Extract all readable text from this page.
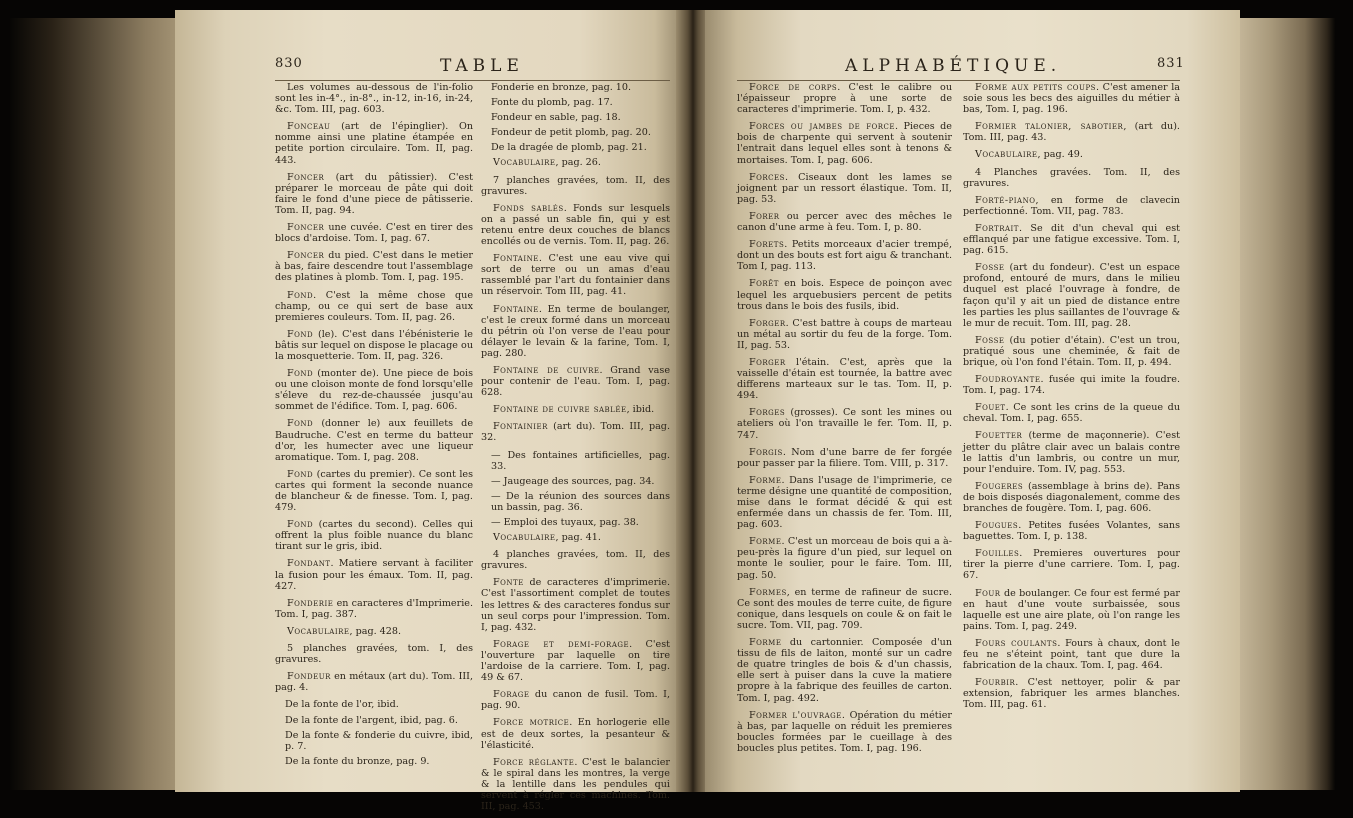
830	TABLE

Les volumes au-dessous de l'in-folio sont les in-4°., in-8°., in-12, in-16, in-24, &c. Tom. III, pag. 603.

Fonceau (art de l'épinglier). On nomme ainsi une platine étampée en petite portion circulaire. Tom. II, pag. 443.

Foncer (art du pâtissier). C'est préparer le morceau de pâte qui doit faire le fond d'une piece de pâtisserie. Tom. II, pag. 94.

Foncer une cuvée. C'est en tirer des blocs d'ardoise. Tom. I, pag. 67.

Foncer du pied. C'est dans le metier à bas, faire descendre tout l'assemblage des platines à plomb. Tom. I, pag. 195.

Fond. C'est la même chose que champ, ou ce qui sert de base aux premieres couleurs. Tom. II, pag. 26.

Fond (le). C'est dans l'ébénisterie le bâtis sur lequel on dispose le placage ou la mosquetterie. Tom. II, pag. 326.

Fond (monter de). Une piece de bois ou une cloison monte de fond lorsqu'elle s'éleve du rez-de-chaussée jusqu'au sommet de l'édifice. Tom. I, pag. 606.

Fond (donner le) aux feuillets de Baudruche. C'est en terme du batteur d'or, les humecter avec une liqueur aromatique. Tom. I, pag. 208.

Fond (cartes du premier). Ce sont les cartes qui forment la seconde nuance de blancheur & de finesse. Tom. I, pag. 479.

Fond (cartes du second). Celles qui offrent la plus foible nuance du blanc tirant sur le gris, ibid.

Fondant. Matiere servant à faciliter la fusion pour les émaux. Tom. II, pag. 427.

Fonderie en caracteres d'Imprimerie. Tom. I, pag. 387.

Vocabulaire, pag. 428.

5 planches gravées, tom. I, des gravures.

Fondeur en métaux (art du). Tom. III, pag. 4.

De la fonte de l'or, ibid.

De la fonte de l'argent, ibid, pag. 6.

De la fonte & fonderie du cuivre, ibid, p. 7.

De la fonte du bronze, pag. 9.

Fonderie en bronze, pag. 10.

Fonte du plomb, pag. 17.

Fondeur en sable, pag. 18.

Fondeur de petit plomb, pag. 20.

De la dragée de plomb, pag. 21.

Vocabulaire, pag. 26.

7 planches gravées, tom. II, des gravures.

Fonds sablés. Fonds sur lesquels on a passé un sable fin, qui y est retenu entre deux couches de blancs encollés ou de vernis. Tom. II, pag. 26.

Fontaine. C'est une eau vive qui sort de terre ou un amas d'eau rassemblé par l'art du fontainier dans un réservoir. Tom III, pag. 41.

Fontaine. En terme de boulanger, c'est le creux formé dans un morceau du pétrin où l'on verse de l'eau pour délayer le levain & la farine, Tom. I, pag. 280.

Fontaine de cuivre. Grand vase pour contenir de l'eau. Tom. I, pag. 628.

Fontaine de cuivre sablée, ibid.

Fontainier (art du). Tom. III, pag. 32.

— Des fontaines artificielles, pag. 33.

— Jaugeage des sources, pag. 34.

— De la réunion des sources dans un bassin, pag. 36.

— Emploi des tuyaux, pag. 38.

Vocabulaire, pag. 41.

4 planches gravées, tom. II, des gravures.

Fonte de caracteres d'imprimerie. C'est l'assortiment complet de toutes les lettres & des caracteres fondus sur un seul corps pour l'impression. Tom. I, pag. 432.

Forage et demi-forage. C'est l'ouverture par laquelle on tire l'ardoise de la carriere. Tom. I, pag. 49 & 67.

Forage du canon de fusil. Tom. I, pag. 90.

Force motrice. En horlogerie elle est de deux sortes, la pesanteur & l'élasticité.

Force réglante. C'est le balancier & le spiral dans les montres, la verge & la lentille dans les pendules qui servent à régler ces machines. Tom. III, pag. 453.

ALPHABÉTIQUE.	831

Force de corps. C'est le calibre ou l'épaisseur propre à une sorte de caracteres d'imprimerie. Tom. I, p. 432.

Forces ou jambes de force. Pieces de bois de charpente qui servent à soutenir l'entrait dans lequel elles sont à tenons & mortaises. Tom. I, pag. 606.

Forces. Ciseaux dont les lames se joignent par un ressort élastique. Tom. II, pag. 53.

Forer ou percer avec des mêches le canon d'une arme à feu. Tom. I, p. 80.

Forets. Petits morceaux d'acier trempé, dont un des bouts est fort aigu & tranchant. Tom I, pag. 113.

Forêt en bois. Espece de poinçon avec lequel les arquebusiers percent de petits trous dans le bois des fusils, ibid.

Forger. C'est battre à coups de marteau un métal au sortir du feu de la forge. Tom. II, pag. 53.

Forger l'étain. C'est, après que la vaisselle d'étain est tournée, la battre avec differens marteaux sur le tas. Tom. II, p. 494.

Forges (grosses). Ce sont les mines ou ateliers où l'on travaille le fer. Tom. II, p. 747.

Forgis. Nom d'une barre de fer forgée pour passer par la filiere. Tom. VIII, p. 317.

Forme. Dans l'usage de l'imprimerie, ce terme désigne une quantité de composition, mise dans le format décidé & qui est enfermée dans un chassis de fer. Tom. III, pag. 603.

Forme. C'est un morceau de bois qui a à-peu-près la figure d'un pied, sur lequel on monte le soulier, pour le faire. Tom. III, pag. 50.

Formes, en terme de rafineur de sucre. Ce sont des moules de terre cuite, de figure conique, dans lesquels on coule & on fait le sucre. Tom. VII, pag. 709.

Forme du cartonnier. Composée d'un tissu de fils de laiton, monté sur un cadre de quatre tringles de bois & d'un chassis, elle sert à puiser dans la cuve la matiere propre à la fabrique des feuilles de carton. Tom. I, pag. 492.

Former l'ouvrage. Opération du métier à bas, par laquelle on réduit les premieres boucles formées par le cueillage à des boucles plus petites. Tom. I, pag. 196.

Forme aux petits coups. C'est amener la soie sous les becs des aiguilles du métier à bas, Tom. I, pag. 196.

Formier talonier, sabotier, (art du). Tom. III, pag. 43.

Vocabulaire, pag. 49.

4 Planches gravées. Tom. II, des gravures.

Forté-piano, en forme de clavecin perfectionné. Tom. VII, pag. 783.

Fortrait. Se dit d'un cheval qui est efflanqué par une fatigue excessive. Tom. I, pag. 615.

Fosse (art du fondeur). C'est un espace profond, entouré de murs, dans le milieu duquel est placé l'ouvrage à fondre, de façon qu'il y ait un pied de distance entre les parties les plus saillantes de l'ouvrage & le mur de recuit. Tom. III, pag. 28.

Fosse (du potier d'étain). C'est un trou, pratiqué sous une cheminée, & fait de brique, où l'on fond l'étain. Tom. II, p. 494.

Foudroyante. fusée qui imite la foudre. Tom. I, pag. 174.

Fouet. Ce sont les crins de la queue du cheval. Tom. I, pag. 655.

Fouetter (terme de maçonnerie). C'est jetter du plâtre clair avec un balais contre le lattis d'un lambris, ou contre un mur, pour l'enduire. Tom. IV, pag. 553.

Fougeres (assemblage à brins de). Pans de bois disposés diagonalement, comme des branches de fougère. Tom. I, pag. 606.

Fougues. Petites fusées Volantes, sans baguettes. Tom. I, p. 138.

Fouilles. Premieres ouvertures pour tirer la pierre d'une carriere. Tom. I, pag. 67.

Four de boulanger. Ce four est fermé par en haut d'une voute surbaissée, sous laquelle est une aire plate, où l'on range les pains. Tom. I, pag. 249.

Fours coulants. Fours à chaux, dont le feu ne s'éteint point, tant que dure la fabrication de la chaux. Tom. I, pag. 464.

Fourbir. C'est nettoyer, polir & par extension, fabriquer les armes blanches. Tom. III, pag. 61.
